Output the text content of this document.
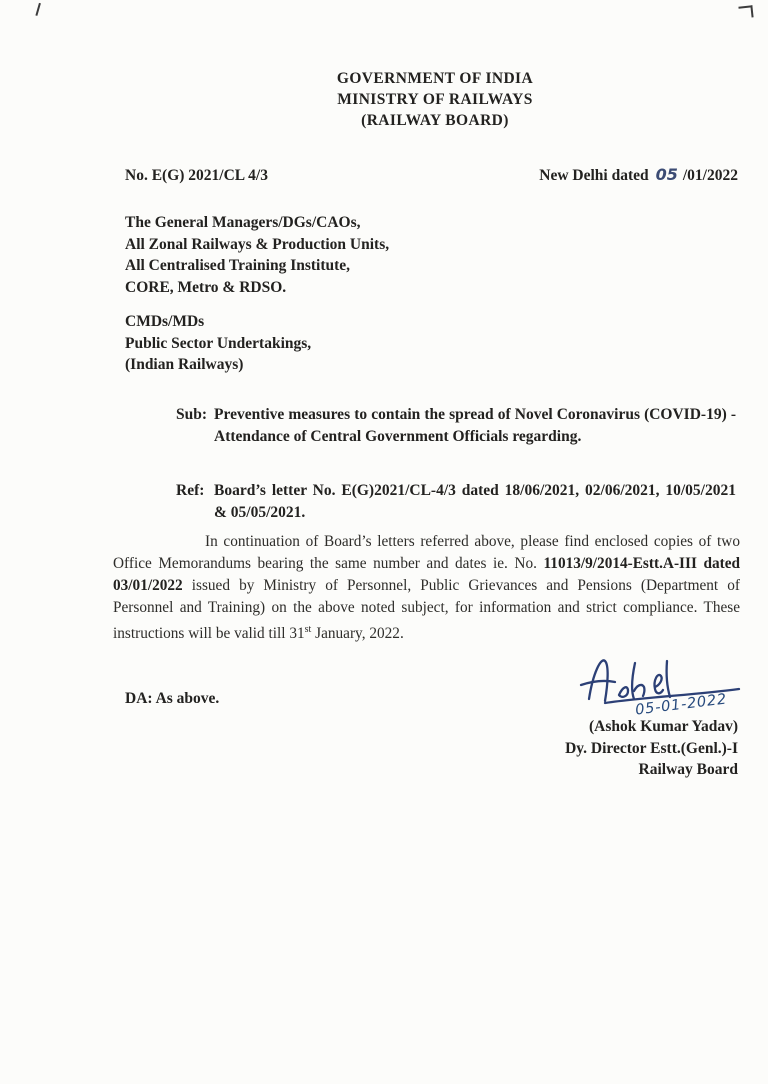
GOVERNMENT OF INDIA
MINISTRY OF RAILWAYS
(RAILWAY BOARD)
No. E(G) 2021/CL 4/3	New Delhi dated 05 /01/2022
The General Managers/DGs/CAOs,
All Zonal Railways & Production Units,
All Centralised Training Institute,
CORE, Metro & RDSO.
CMDs/MDs
Public Sector Undertakings,
(Indian Railways)
Sub: Preventive measures to contain the spread of Novel Coronavirus (COVID-19) - Attendance of Central Government Officials regarding.
Ref: Board’s letter No. E(G)2021/CL-4/3 dated 18/06/2021, 02/06/2021, 10/05/2021 & 05/05/2021.

In continuation of Board’s letters referred above, please find enclosed copies of two Office Memorandums bearing the same number and dates ie. No. 11013/9/2014-Estt.A-III dated 03/01/2022 issued by Ministry of Personnel, Public Grievances and Pensions (Department of Personnel and Training) on the above noted subject, for information and strict compliance. These instructions will be valid till 31st January, 2022.

DA: As above.	05-01-2022
(Ashok Kumar Yadav)
Dy. Director Estt.(Genl.)-I
Railway Board
